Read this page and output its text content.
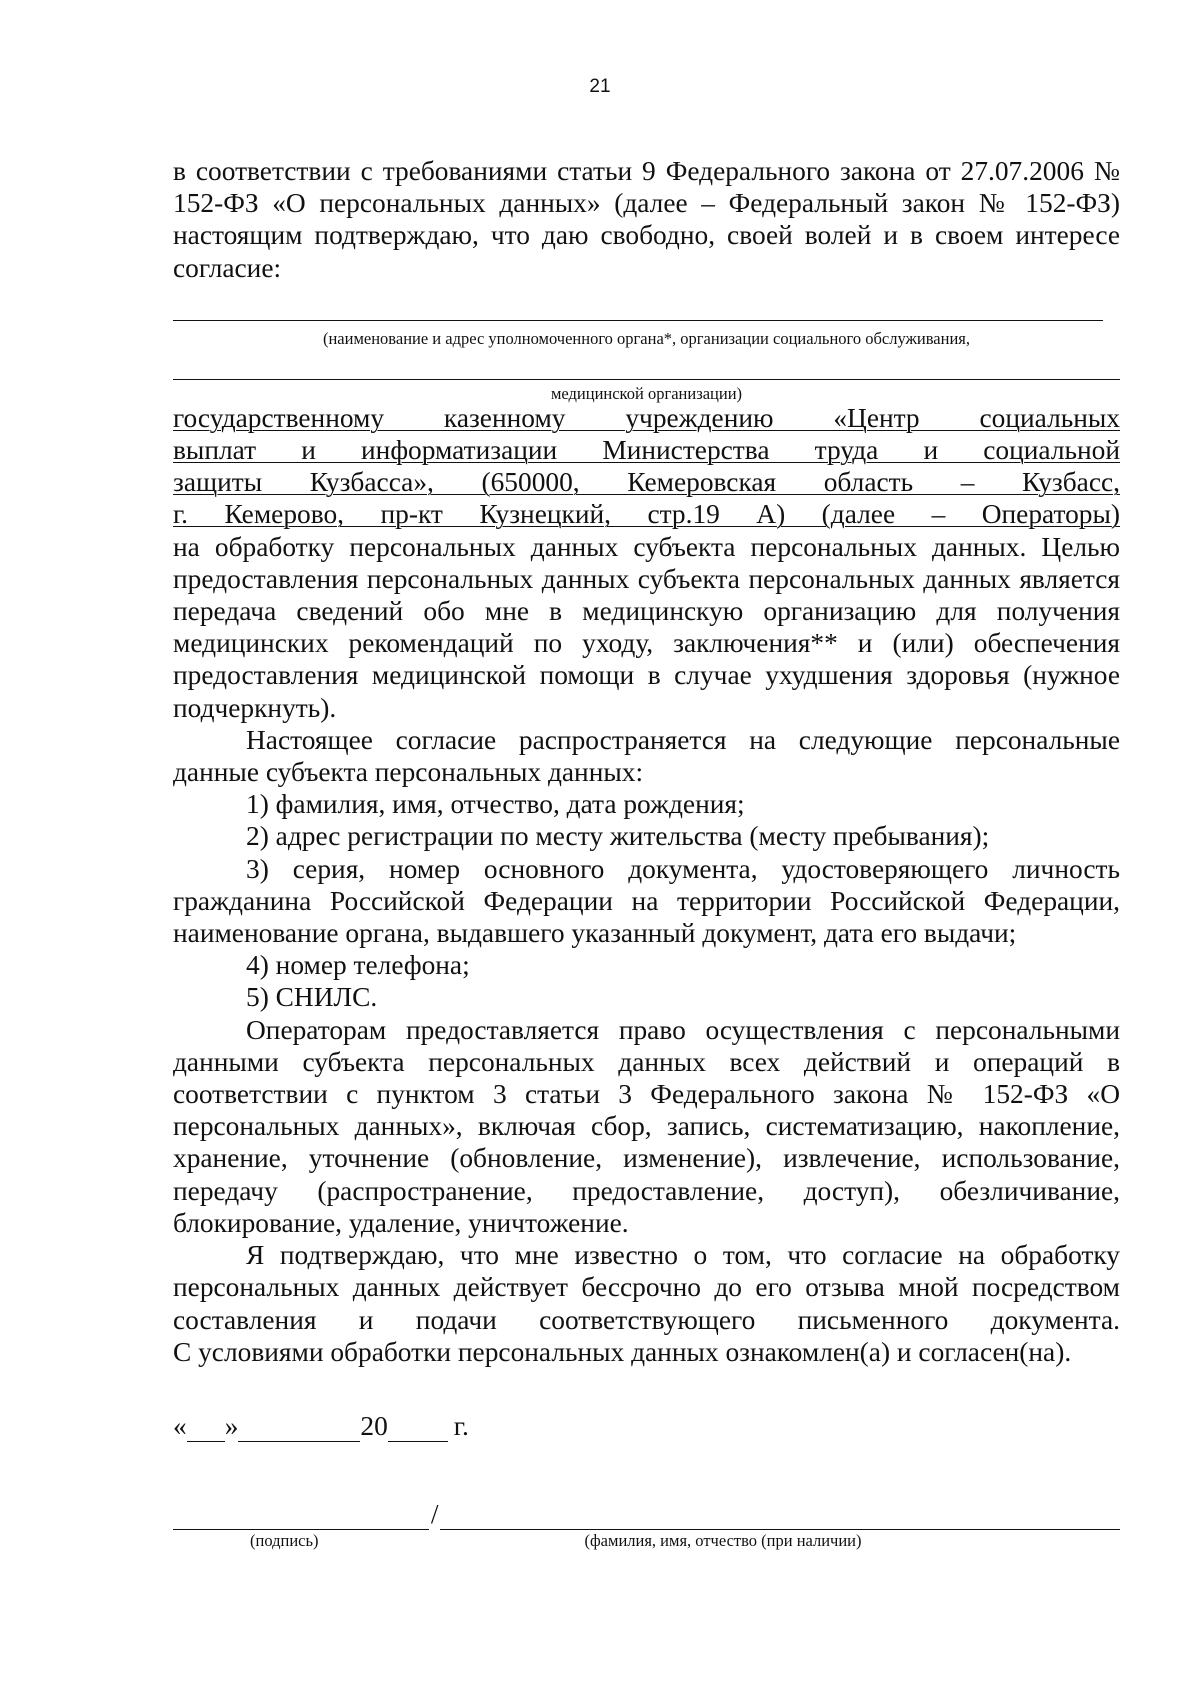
21

в соответствии с требованиями статьи 9 Федерального закона от 27.07.2006 № 152-ФЗ «О персональных данных» (далее – Федеральный закон № 152-ФЗ) настоящим подтверждаю, что даю свободно, своей волей и в своем интересе согласие:

(наименование и адрес уполномоченного органа*, организации социального обслуживания,
медицинской организации)
государственному казенному учреждению «Центр социальных
выплат и информатизации Министерства труда и социальной
защиты Кузбасса», (650000, Кемеровская область – Кузбасс,
г. Кемерово, пр-кт Кузнецкий, стр.19 А) (далее – Операторы)

на обработку персональных данных субъекта персональных данных. Целью предоставления персональных данных субъекта персональных данных является передача сведений обо мне в медицинскую организацию для получения медицинских рекомендаций по уходу, заключения** и (или) обеспечения предоставления медицинской помощи в случае ухудшения здоровья (нужное подчеркнуть).

Настоящее согласие распространяется на следующие персональные данные субъекта персональных данных:

1) фамилия, имя, отчество, дата рождения;

2) адрес регистрации по месту жительства (месту пребывания);

3) серия, номер основного документа, удостоверяющего личность гражданина Российской Федерации на территории Российской Федерации, наименование органа, выдавшего указанный документ, дата его выдачи;

4) номер телефона;

5) СНИЛС.

Операторам предоставляется право осуществления с персональными данными субъекта персональных данных всех действий и операций в соответствии с пунктом 3 статьи 3 Федерального закона № 152-ФЗ «О персональных данных», включая сбор, запись, систематизацию, накопление, хранение, уточнение (обновление, изменение), извлечение, использование, передачу (распространение, предоставление, доступ), обезличивание, блокирование, удаление, уничтожение.

Я подтверждаю, что мне известно о том, что согласие на обработку персональных данных действует бессрочно до его отзыва мной посредством составления и подачи соответствующего письменного документа.

С условиями обработки персональных данных ознакомлен(а) и согласен(на).

« »	20 г.
/
(подпись)	(фамилия, имя, отчество (при наличии)
